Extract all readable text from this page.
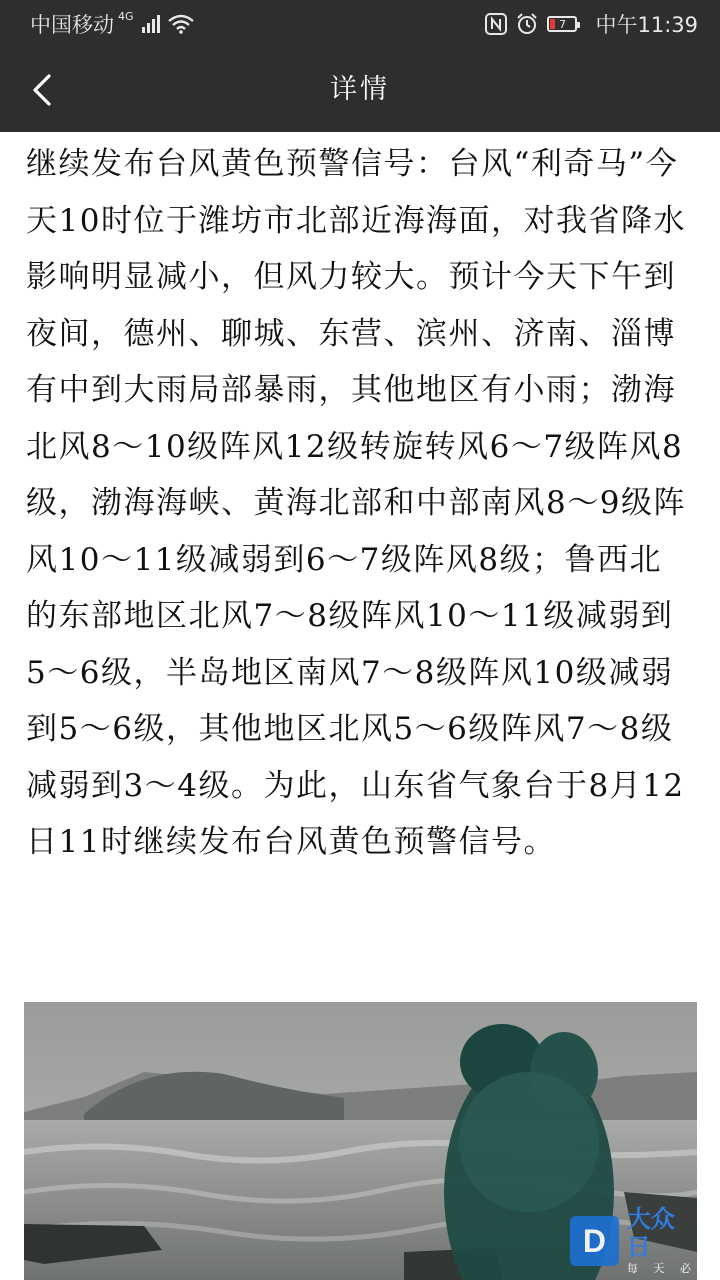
中国移动 4G
7 中午11:39
详情

继续发布台风黄色预警信号：台风“利奇马”今天10时位于潍坊市北部近海海面，对我省降水影响明显减小，但风力较大。预计今天下午到夜间，德州、聊城、东营、滨州、济南、淄博有中到大雨局部暴雨，其他地区有小雨；渤海北风8～10级阵风12级转旋转风6～7级阵风8级，渤海海峡、黄海北部和中部南风8～9级阵风10～11级减弱到6～7级阵风8级；鲁西北的东部地区北风7～8级阵风10～11级减弱到5～6级，半岛地区南风7～8级阵风10级减弱到5～6级，其他地区北风5～6级阵风7～8级减弱到3～4级。为此，山东省气象台于8月12日11时继续发布台风黄色预警信号。

D
大众日
每 天 必
